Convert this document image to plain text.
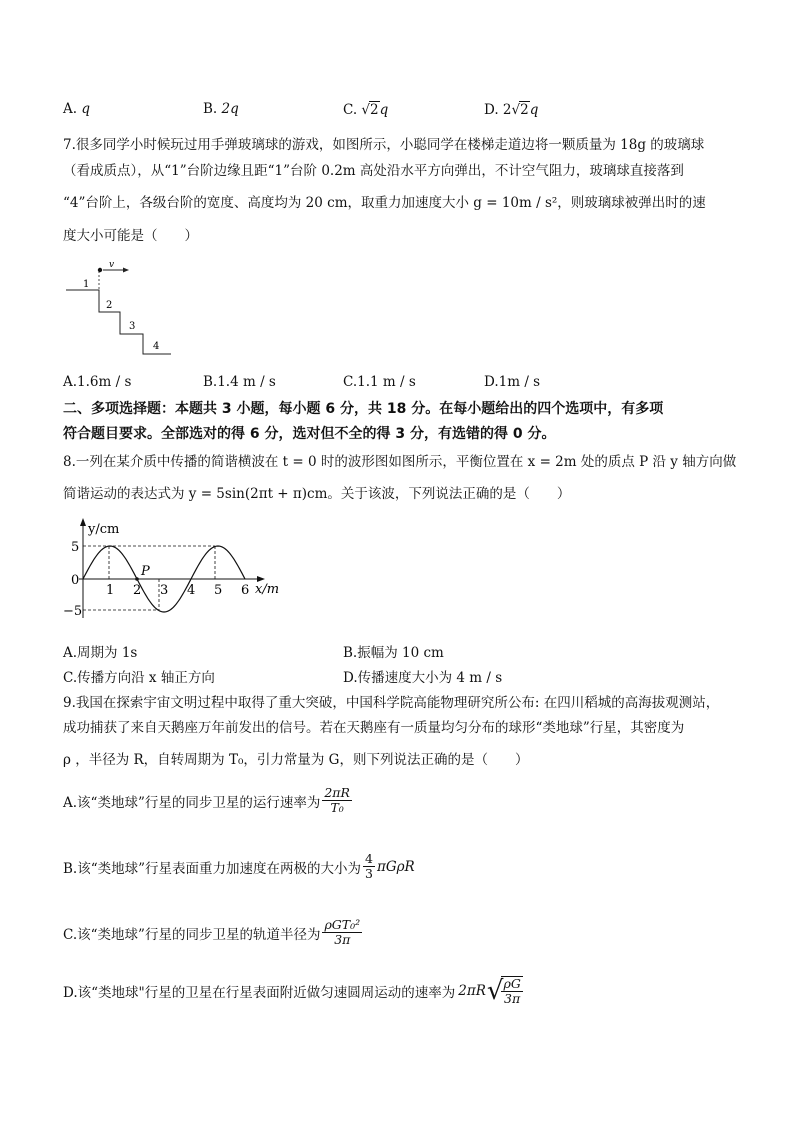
A. q	B. 2q	C. √2q	D. 2√2q
7.很多同学小时候玩过用手弹玻璃球的游戏，如图所示，小聪同学在楼梯走道边将一颗质量为 18g 的玻璃球
（看成质点），从“1”台阶边缘且距“1”台阶 0.2m 高处沿水平方向弹出，不计空气阻力，玻璃球直接落到
“4”台阶上，各级台阶的宽度、高度均为 20 cm，取重力加速度大小 g = 10m / s²，则玻璃球被弹出时的速
度大小可能是（　　）
v
1
2
3
4
A.1.6m / s	B.1.4 m / s	C.1.1 m / s	D.1m / s
二、多项选择题：本题共 3 小题，每小题 6 分，共 18 分。在每小题给出的四个选项中，有多项
符合题目要求。全部选对的得 6 分，选对但不全的得 3 分，有选错的得 0 分。
8.一列在某介质中传播的简谐横波在 t = 0 时的波形图如图所示，平衡位置在 x = 2m 处的质点 P 沿 y 轴方向做
简谐运动的表达式为 y = 5sin(2πt + π)cm。关于该波，下列说法正确的是（　　）
y/cm
x/m
5
0
−5
P
1 2 3 4 5 6
A.周期为 1s	B.振幅为 10 cm
C.传播方向沿 x 轴正方向	D.传播速度大小为 4 m / s
9.我国在探索宇宙文明过程中取得了重大突破，中国科学院高能物理研究所公布: 在四川稻城的高海拔观测站，
成功捕获了来自天鹅座万年前发出的信号。若在天鹅座有一质量均匀分布的球形“类地球”行星，其密度为
ρ ，半径为 R，自转周期为 T₀，引力常量为 G，则下列说法正确的是（　　）
A.该“类地球”行星的同步卫星的运行速率为 $\frac{2\pi R}{\text{T₀}}$
B.该“类地球”行星表面重力加速度在两极的大小为 $\frac{4}{3}$ πGρR
C.该“类地球”行星的同步卫星的轨道半径为 $\frac{\text{ρGT₀²}}{3\pi}$
D.该“类地球"行星的卫星在行星表面附近做匀速圆周运动的速率为 2πR √
$\frac{\rho G}{3\pi}$
